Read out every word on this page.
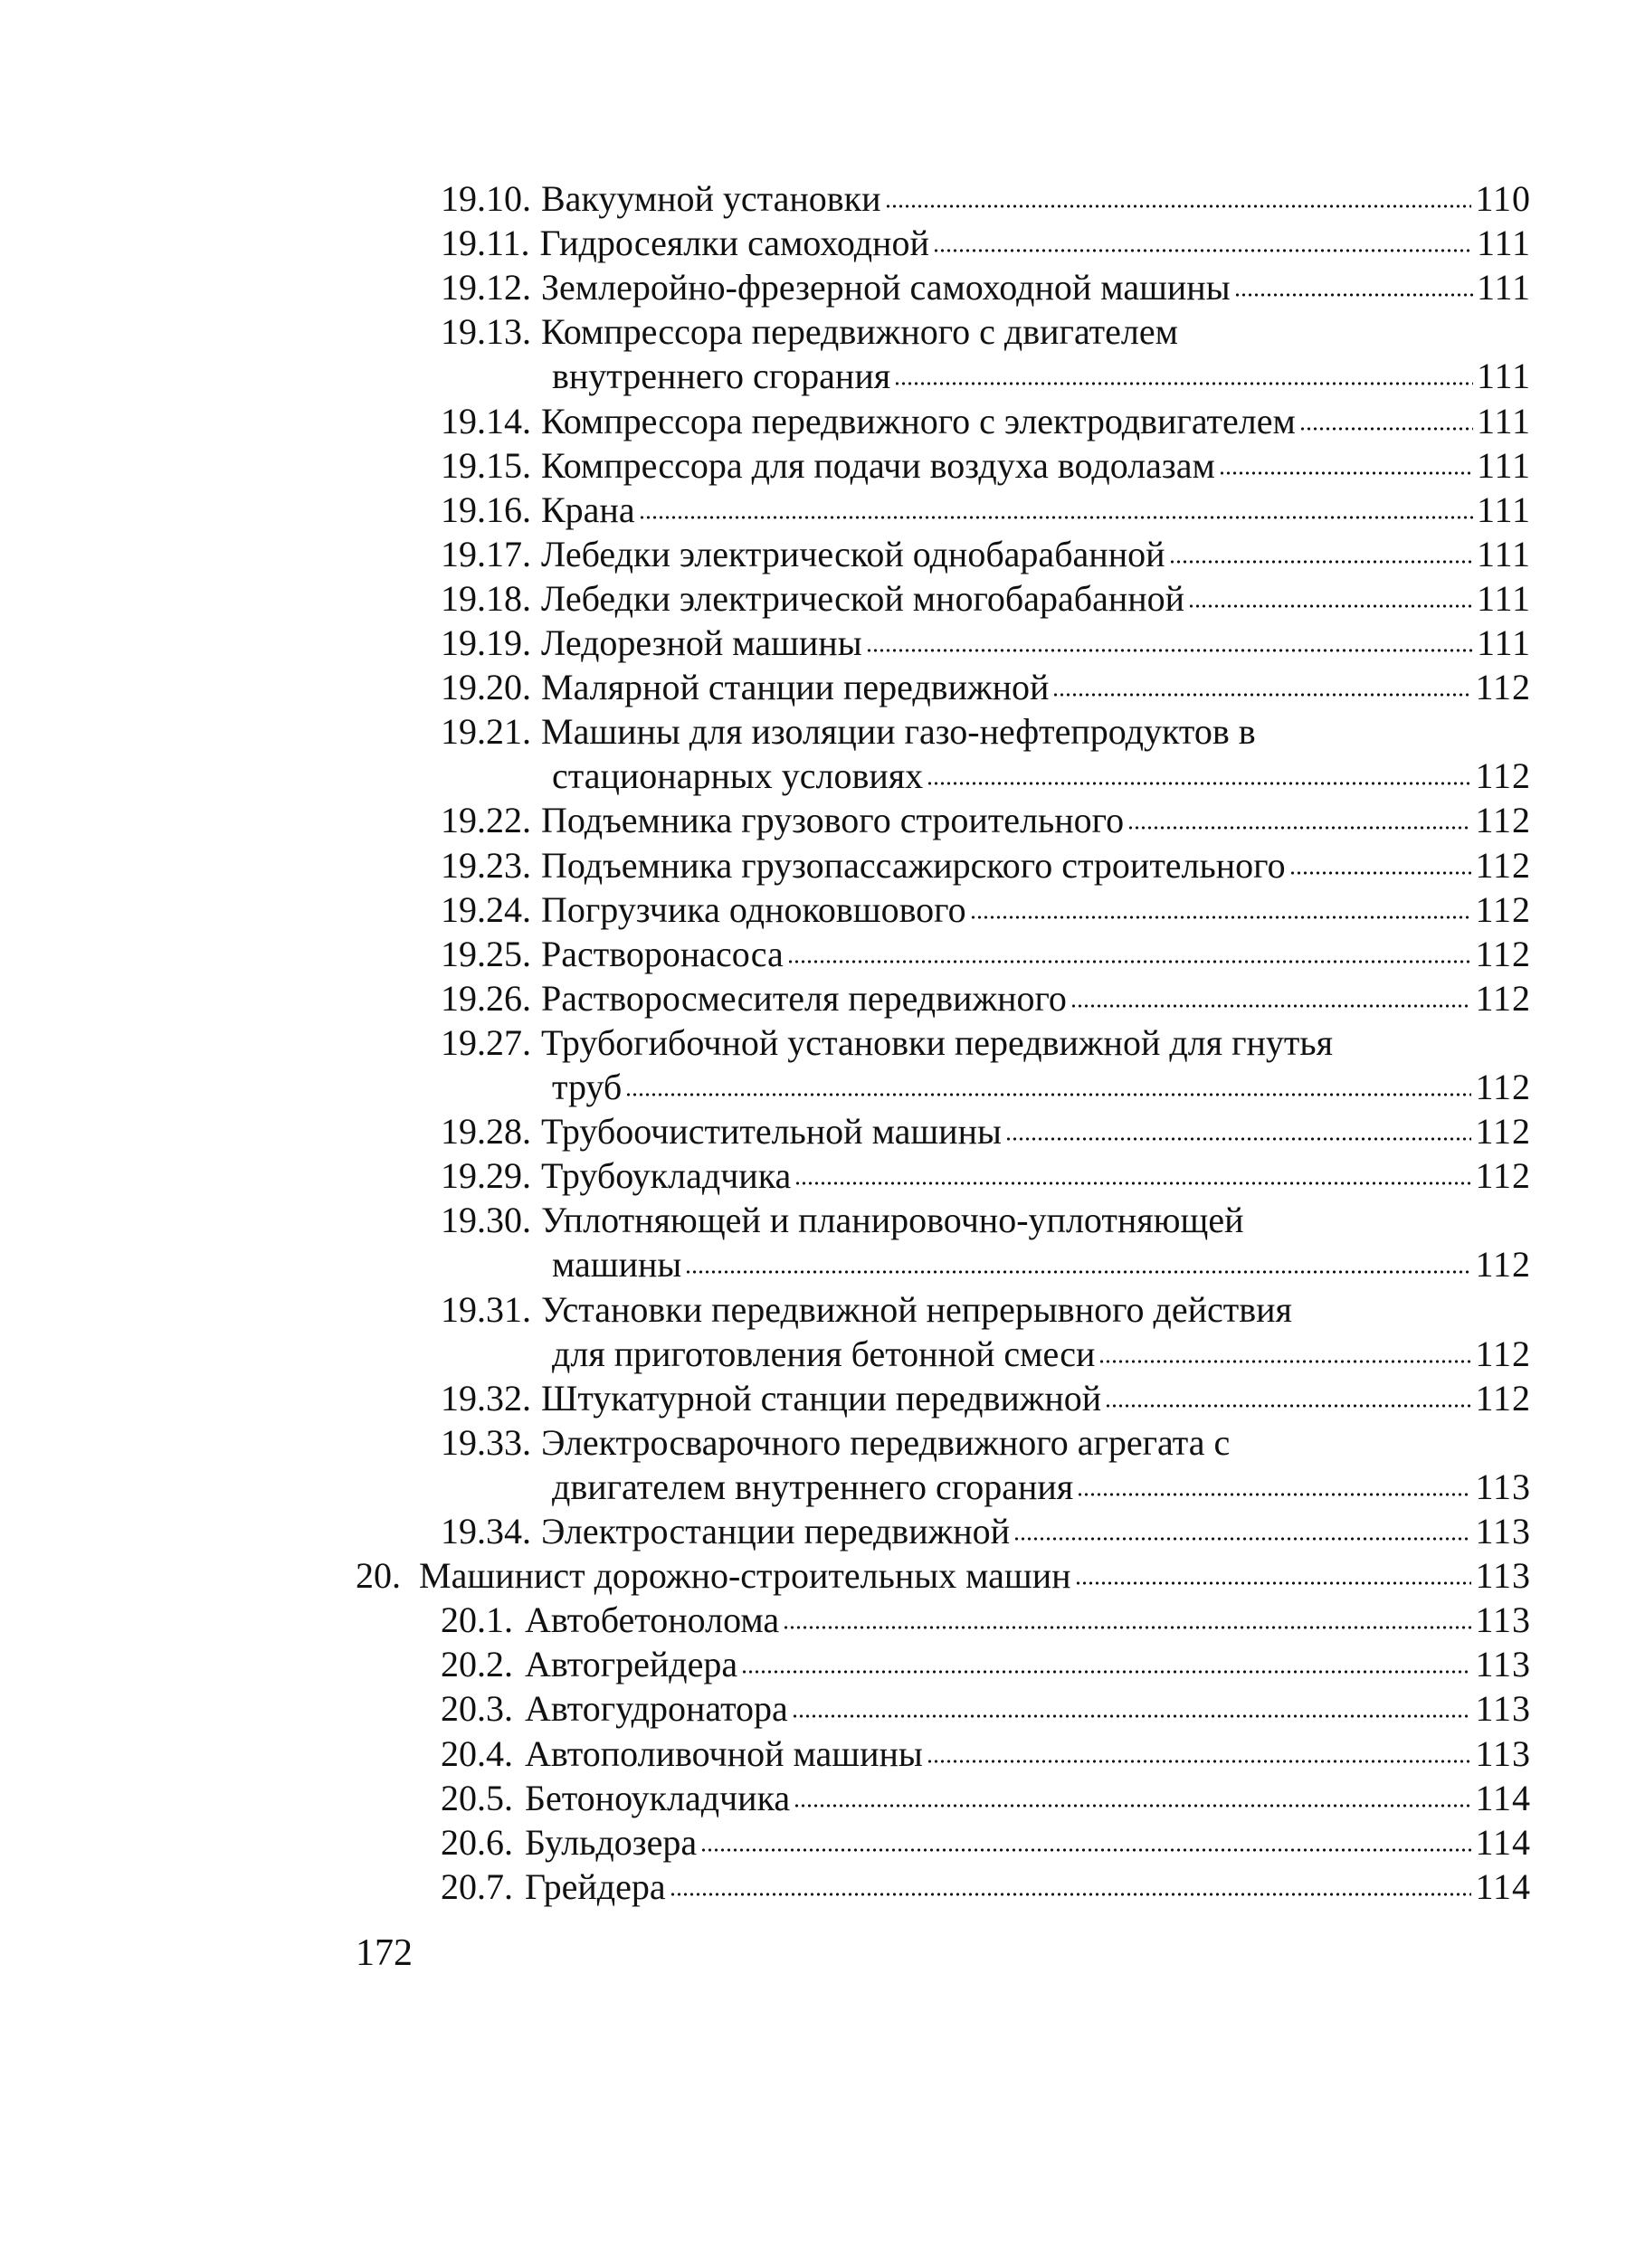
19.10. Вакуумной установки	110
19.11. Гидросеялки самоходной	111
19.12. Землеройно-фрезерной самоходной машины	111
19.13. Компрессора передвижного с двигателем
внутреннего сгорания	111
19.14. Компрессора передвижного с электродвигателем	111
19.15. Компрессора для подачи воздуха водолазам	111
19.16. Крана	111
19.17. Лебедки электрической однобарабанной	111
19.18. Лебедки электрической многобарабанной	111
19.19. Ледорезной машины	111
19.20. Малярной станции передвижной	112
19.21. Машины для изоляции газо-нефтепродуктов в
стационарных условиях	112
19.22. Подъемника грузового строительного	112
19.23. Подъемника грузопассажирского строительного	112
19.24. Погрузчика одноковшового	112
19.25. Растворонасоса	112
19.26. Растворосмесителя передвижного	112
19.27. Трубогибочной установки передвижной для гнутья
труб	112
19.28. Трубоочистительной машины	112
19.29. Трубоукладчика	112
19.30. Уплотняющей и планировочно-уплотняющей
машины	112
19.31. Установки передвижной непрерывного действия
для приготовления бетонной смеси	112
19.32. Штукатурной станции передвижной	112
19.33. Электросварочного передвижного агрегата с
двигателем внутреннего сгорания	113
19.34. Электростанции передвижной	113
20. Машинист дорожно-строительных машин	113
20.1. Автобетонолома	113
20.2. Автогрейдера	113
20.3. Автогудронатора	113
20.4. Автополивочной машины	113
20.5. Бетоноукладчика	114
20.6. Бульдозера	114
20.7. Грейдера	114
172
